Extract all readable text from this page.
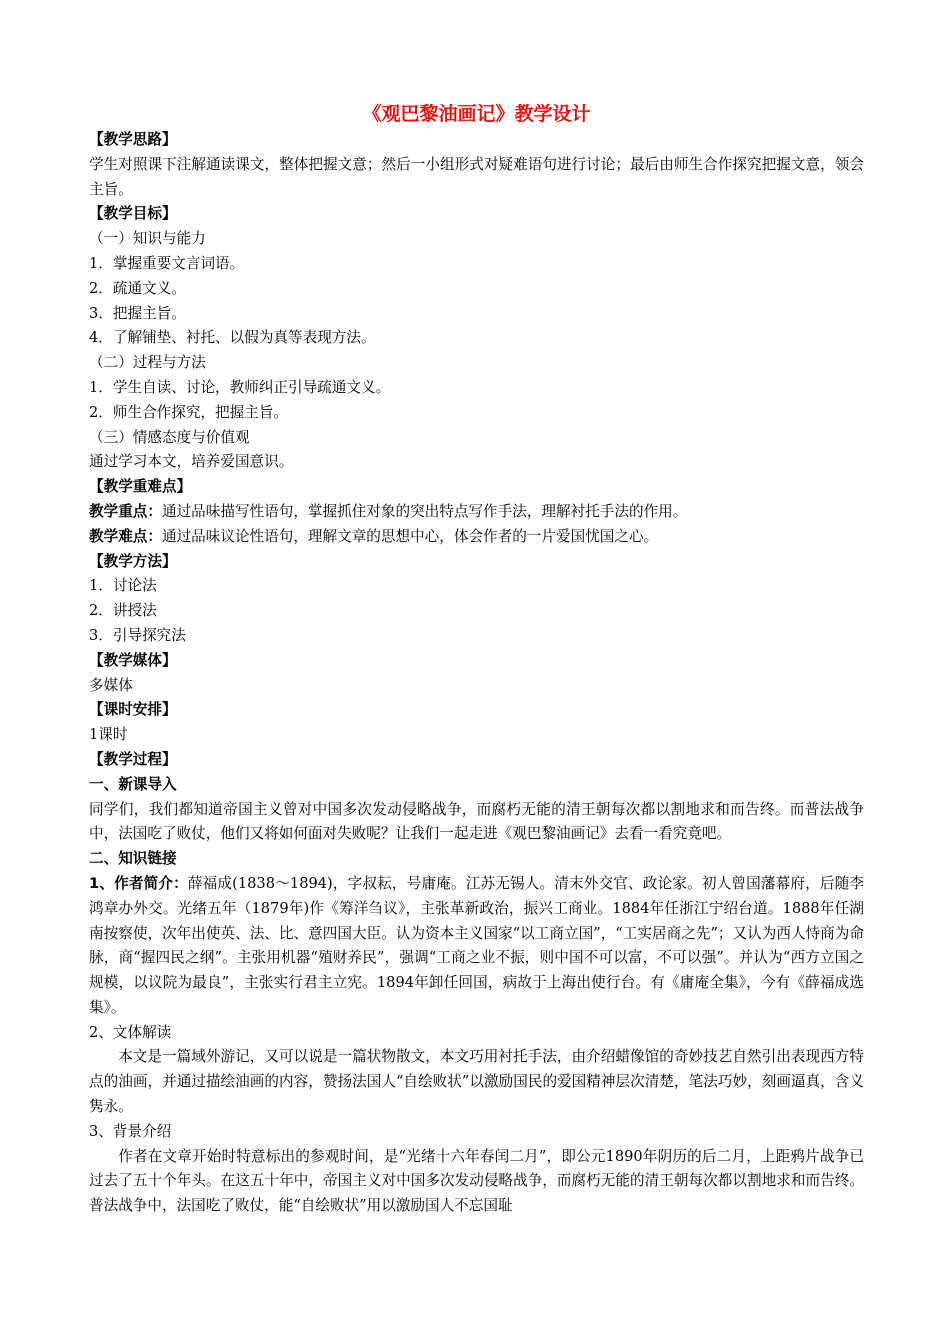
《观巴黎油画记》教学设计
【教学思路】
学生对照课下注解通读课文，整体把握文意；然后一小组形式对疑难语句进行讨论；最后由师生合作探究把握文意，领会主旨。
【教学目标】
（一）知识与能力
1．掌握重要文言词语。
2．疏通文义。
3．把握主旨。
4．了解铺垫、衬托、以假为真等表现方法。
（二）过程与方法
1．学生自读、讨论，教师纠正引导疏通文义。
2．师生合作探究，把握主旨。
（三）情感态度与价值观
通过学习本文，培养爱国意识。
【教学重难点】
教学重点：通过品味描写性语句，掌握抓住对象的突出特点写作手法，理解衬托手法的作用。
教学难点：通过品味议论性语句，理解文章的思想中心，体会作者的一片爱国忧国之心。
【教学方法】
1．讨论法
2．讲授法
3．引导探究法
【教学媒体】
多媒体
【课时安排】
1课时
【教学过程】
一、新课导入
同学们，我们都知道帝国主义曾对中国多次发动侵略战争，而腐朽无能的清王朝每次都以割地求和而告终。而普法战争中，法国吃了败仗，他们又将如何面对失败呢？让我们一起走进《观巴黎油画记》去看一看究竟吧。
二、知识链接
1、作者简介：薛福成(1838～1894)，字叔耘，号庸庵。江苏无锡人。清末外交官、政论家。初人曾国藩幕府，后随李鸿章办外交。光绪五年（1879年)作《筹洋刍议》，主张革新政治，振兴工商业。1884年任浙江宁绍台道。1888年任湖南按察使，次年出使英、法、比、意四国大臣。认为资本主义国家“以工商立国”，“工实居商之先”；又认为西人恃商为命脉，商“握四民之纲”。主张用机器“殖财养民”，强调“工商之业不振，则中国不可以富，不可以强”。并认为“西方立国之规模，以议院为最良”，主张实行君主立宪。1894年卸任回国，病故于上海出使行台。有《庸庵全集》，今有《薛福成选集》。
2、文体解读
本文是一篇域外游记，又可以说是一篇状物散文，本文巧用衬托手法，由介绍蜡像馆的奇妙技艺自然引出表现西方特点的油画，并通过描绘油画的内容，赞扬法国人“自绘败状”以激励国民的爱国精神层次清楚，笔法巧妙，刻画逼真，含义隽永。
3、背景介绍
作者在文章开始时特意标出的参观时间，是“光绪十六年春闰二月”，即公元1890年阴历的后二月，上距鸦片战争已过去了五十个年头。在这五十年中，帝国主义对中国多次发动侵略战争，而腐朽无能的清王朝每次都以割地求和而告终。普法战争中，法国吃了败仗，能“自绘败状”用以激励国人不忘国耻
